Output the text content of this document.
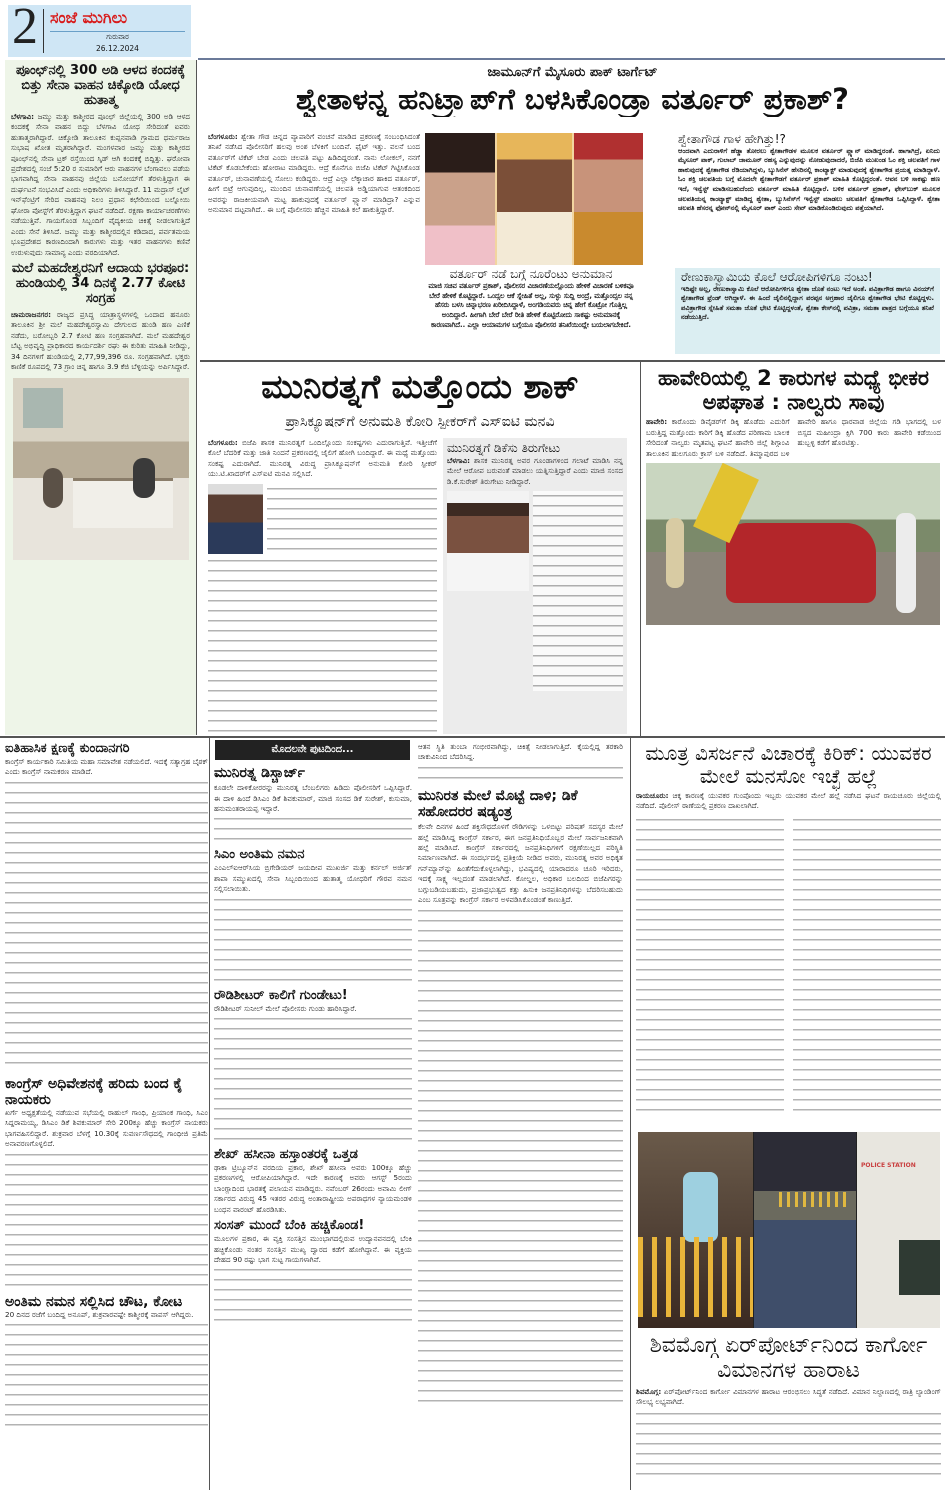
2 ಸಂಜೆ ಮುಗಿಲು
ಗುರುವಾರ
26.12.2024
ಪೂಂಛ್‌ನಲ್ಲಿ 300 ಅಡಿ ಆಳದ ಕಂದಕಕ್ಕೆ ಬಿತ್ತು ಸೇನಾ ವಾಹನ ಚಿಕ್ಕೋಡಿ ಯೋಧ ಹುತಾತ್ಮ
ಬೆಳಗಾವಿ: ಜಮ್ಮು ಮತ್ತು ಕಾಶ್ಮೀರದ ಪೂಂಛ್ ಜಿಲ್ಲೆಯಲ್ಲಿ 300 ಅಡಿ ಆಳದ ಕಂದಕಕ್ಕೆ ಸೇನಾ ವಾಹನ ಬಿದ್ದು ಬೆಳಗಾವಿ ಯೋಧ ಸೇರಿದಂತೆ ಐವರು ಹುತಾತ್ಮರಾಗಿದ್ದಾರೆ. ಚಿಕ್ಕೋಡಿ ತಾಲೂಕಿನ ಕುಪ್ಪನವಾಡಿ ಗ್ರಾಮದ ಧರ್ಮರಾಜ ಸುಭಾಷ ಖೋತ ಮೃತರಾಗಿದ್ದಾರೆ. ಮಂಗಳವಾರ ಜಮ್ಮು ಮತ್ತು ಕಾಶ್ಮೀರದ ಪೂಂಛ್‌ನಲ್ಲಿ ಸೇನಾ ಟ್ರಕ್ ರಸ್ತೆಯಿಂದ ಸ್ಕಿಡ್ ಆಗಿ ಕಂದಕಕ್ಕೆ ಬಿದ್ದಿತ್ತು. ಘರೋವಾ ಪ್ರದೇಶದಲ್ಲಿ ಸಂಜೆ 5:20 ರ ಸುಮಾರಿಗೆ ಆರು ವಾಹನಗಳ ಬೆಂಗಾವಲು ಪಡೆಯ ಭಾಗವಾಗಿದ್ದ ಸೇನಾ ವಾಹನವು ಜಿಲ್ಲೆಯ ಬನೋಯ್‌ಗೆ ತೆರಳುತ್ತಿದ್ದಾಗ ಈ ದುರ್ಘಟನೆ ಸಂಭವಿಸಿದೆ ಎಂದು ಅಧಿಕಾರಿಗಳು ತಿಳಿಸಿದ್ದಾರೆ. 11 ಮದ್ರಾಸ್ ಲೈಟ್ ಇನ್‌ಫೆಂಟ್ರಿಗೆ ಸೇರಿದ ವಾಹನವು ನಿಲಂ ಪ್ರಧಾನ ಕಛೇರಿಯಿಂದ ಬಲ್ನೋಯಿ ಘೋರಾ ಪೋಸ್ಟ್‌ಗೆ ತೆರಳುತ್ತಿದ್ದಾಗ ಘಟನೆ ನಡೆದಿದೆ. ರಕ್ಷಣಾ ಕಾರ್ಯಾಚರಣೆಗಳು ನಡೆಯುತ್ತಿವೆ. ಗಾಯಗೊಂಡ ಸಿಬ್ಬಂದಿಗೆ ವೈದ್ಯಕೀಯ ಚಿಕಿತ್ಸೆ ನೀಡಲಾಗುತ್ತಿದೆ ಎಂದು ಸೇನೆ ತಿಳಿಸಿದೆ. ಜಮ್ಮು ಮತ್ತು ಕಾಶ್ಮೀರದಲ್ಲಿನ ಕಡಿದಾದ, ಪರ್ವತಮಯ ಭೂಪ್ರದೇಶದ ಕಾರಣದಿಂದಾಗಿ ಕಾರುಗಳು ಮತ್ತು ಇತರ ವಾಹನಗಳು ಕಣಿವೆ ಉರುಳುವುದು ಸಾಮಾನ್ಯ ಎಂದು ವರದಿಯಾಗಿದೆ.
ಮಲೆ ಮಹದೇಶ್ವರನಿಗೆ ಆದಾಯ ಭರಪೂರ: ಹುಂಡಿಯಲ್ಲಿ 34 ದಿನಕ್ಕೆ 2.77 ಕೋಟಿ ಸಂಗ್ರಹ
ಚಾಮರಾಜನಗರ: ರಾಜ್ಯದ ಪ್ರಸಿದ್ಧ ಯಾತ್ರಾಸ್ಥಳಗಳಲ್ಲಿ ಒಂದಾದ ಹನೂರು ತಾಲೂಕಿನ ಶ್ರೀ ಮಲೆ ಮಹದೇಶ್ವರಸ್ವಾಮಿ ದೇಗುಲದ ಹುಂಡಿ ಹಣ ಎಣಿಕೆ ನಡೆದು, ಬರೋಬ್ಬರಿ 2.7 ಕೋಟಿ ಹಣ ಸಂಗ್ರಹವಾಗಿದೆ. ಮಲೆ ಮಹದೇಶ್ವರ ಬೆಟ್ಟ ಅಭಿವೃದ್ಧಿ ಪ್ರಾಧಿಕಾರದ ಕಾರ್ಯದರ್ಶಿ ರಘು ಈ ಕುರಿತು ಮಾಹಿತಿ ನೀಡಿದ್ದು, 34 ದಿನಗಳಿಗೆ ಹುಂಡಿಯಲ್ಲಿ 2,77,99,396 ರೂ. ಸಂಗ್ರಹವಾಗಿದೆ. ಭಕ್ತರು ಕಾಣಿಕೆ ರೂಪದಲ್ಲಿ 73 ಗ್ರಾಂ ಚಿನ್ನ ಹಾಗೂ 3.9 ಕೆಜಿ ಬೆಳ್ಳಿಯನ್ನು ಅರ್ಪಿಸಿದ್ದಾರೆ.
ಜಾಮೂನ್‌ಗೆ ಮೈಸೂರು ಪಾಕ್ ಟಾರ್ಗೆಟ್
ಶ್ವೇತಾಳನ್ನ ಹನಿಟ್ರ್ಯಾಪ್‌ಗೆ ಬಳಸಿಕೊಂಡ್ರಾ ವರ್ತೂರ್ ಪ್ರಕಾಶ್?
ಬೆಂಗಳೂರು: ಶ್ವೇತಾ ಗೌಡ ಚಿನ್ನದ ವ್ಯಾಪಾರಿಗೆ ವಂಚನೆ ಮಾಡಿದ ಪ್ರಕರಣಕ್ಕೆ ಸಂಬಂಧಿಸಿದಂತೆ ತನಿಖೆ ನಡೆಸಿದ ಪೊಲೀಸರಿಗೆ ಹಲವು ಅಂಶ ಬೆಳಕಿಗೆ ಬಂದಿವೆ. ಫೈಟ್ ಇತ್ತು. ವಲನೆ ಬಂದ ವರ್ತೂರ್‌ಗೆ ಟಿಕೆಟ್ ಬೇಡ ಎಂದು ಚಲಪತಿ ಪಟ್ಟು ಹಿಡಿದಿದ್ದರಂತೆ. ನಾನು ಲೋಕಲ್, ನನಗೆ ಟಿಕೆಟ್ ಕೊಡಬೇಕೆಂದು ಹೋರಾಟ ಮಾಡಿದ್ದರು. ಆದ್ರೆ ಕೊನೆಗೂ ಬಿಜೆಪಿ ಟಿಕೆಟ್ ಗಿಟ್ಟಿಸಿಕೊಂಡ ವರ್ತೂರ್, ಚುನಾವಣೆಯಲ್ಲಿ ಸೋಲು ಕಂಡಿದ್ದರು. ಆದ್ರೆ ಎಲ್ಲಾ ಲೆಕ್ಕಾಚಾರ ಹಾಕಿದ ವರ್ತೂರ್, ಹೀಗೆ ಬಿಟ್ರೆ ಆಗುವುದಿಲ್ಲ, ಮುಂದಿನ ಚುನಾವಣೆಯಲ್ಲಿ ಚಲಪತಿ ಅಡ್ಡಿಯಾಗುವ ಆತಂಕದಿಂದ ಅವರನ್ನು ರಾಜಕೀಯವಾಗಿ ಮಟ್ಟ ಹಾಕುವುದಕ್ಕೆ ವರ್ತೂರ್ ಪ್ಲ್ಯಾನ್ ಮಾಡಿದ್ರಾ? ಎನ್ನುವ ಅನುಮಾನ ದಟ್ಟವಾಗಿದೆ.. ಈ ಬಗ್ಗೆ ಪೊಲೀಸರು ಹೆಚ್ಚಿನ ಮಾಹಿತಿ ಕಲೆ ಹಾಕುತ್ತಿದ್ದಾರೆ.
ವರ್ತೂರ್ ನಡೆ ಬಗ್ಗೆ ನೂರೆಂಟು ಅನುಮಾನ
ಮಾಜಿ ಸಚಿವ ವರ್ತೂರ್ ಪ್ರಕಾಶ್, ಪೊಲೀಸರ ವಿಚಾರಣೆಯಲ್ಲೊಂದು ಹೇಳಿಕೆ ವಿಚಾರಣೆ ಬಳಿಕವೂ ಬೇರೆ ಹೇಳಿಕೆ ಕೊಟ್ಟಿದ್ದಾರೆ. ಒಂದ್ಸಲ ಆಕೆ ಸ್ನೇಹಿತೆ ಅಲ್ಲ, ಸುಳ್ಳು ಸುದ್ದಿ ಅಂದ್ರೆ, ಮತ್ತೊಂದ್ಸಲ ನನ್ನ ಹೆಸರು ಬಳಸಿ ಚಿನ್ನಾಭರಣ ಖರೀದಿಸಿದ್ದಾಳೆ, ಅಂಗಡಿಯವರು ಚಿನ್ನ ಹೇಗೆ ಕೊಟ್ರೋ ಗೊತ್ತಿಲ್ಲ ಅಂದಿದ್ದಾರೆ. ಹೀಗಾಗಿ ಬೇರೆ ಬೇರೆ ರೀತಿ ಹೇಳಿಕೆ ಕೊಟ್ಟಿರೋದು ಸಾಕಷ್ಟು ಅನುಮಾನಕ್ಕೆ ಕಾರಣವಾಗಿದೆ.. ಎಲ್ಲಾ ಆಯಾಮಗಳ ಬಗ್ಗೆಯೂ ಪೊಲೀಸರ ತನಿಖೆಯಿಂದ್ಲೇ ಬಯಲಾಗಬೇಕಿದೆ.
ಶ್ವೇತಾಗೌಡ ಗಾಳ ಹೇಗಿತ್ತು!?
ಆಂದವಾಗಿ ಎದುರಾಳಿಗೆ ಹೆಡ್ಡಾ ತೋರಲು ಶ್ವೇತಾಗೌಡಳ ಮೂಲಕ ವರ್ತೂರ್ ಪ್ಲ್ಯಾನ್ ಮಾಡಿದ್ದರಂತೆ. ಹಾಗಾಗಿದ್ರೆ, ಏನಿದು ಮೈಸೂರ್ ಪಾಕ್, ಗುಲಾಬ್ ಜಾಮೂನ್ ರಹಸ್ಯ ಎನ್ನುವುದನ್ನು ನೋಡುವುದಾದರೆ, ಬಿಜೆಪಿ ಮುಖಂಡ ಓಂ ಶಕ್ತಿ ಚಲಪತಿಗೆ ಗಾಳ ಹಾಕುವುದಕ್ಕೆ ಶ್ವೇತಾಗೌಡ ರೆಡಿಯಾಗಿದ್ದಳು, ಬ್ಯುಸಿನೆಸ್ ಹೆಸರಿನಲ್ಲಿ ಕಾಂಟ್ಯಾಕ್ಟ್ ಮಾಡುವುದಕ್ಕೆ ಶ್ವೇತಾಗೌಡ ಪ್ರಯತ್ನ ಮಾಡಿದ್ದಾಳೆ. ಓಂ ಶಕ್ತಿ ಚಲಪತಿಯ ಬಗ್ಗೆ ಮೊದಲೇ ಶ್ವೇತಾಗೌಡಗೆ ವರ್ತೂರ್ ಪ್ರಕಾಶ್ ಮಾಹಿತಿ ಕೊಟ್ಟಿದ್ದರಂತೆ. ಆವನ ಬಳಿ ಸಾಕಷ್ಟು ಹಣ ಇದೆ, ಇನ್ವೆಸ್ಟ್ ಮಾಡಿಸಬಹುದೆಂದು ವರ್ತೂರ್ ಮಾಹಿತಿ ಕೊಟ್ಟಿದ್ದಾರೆ. ಬಳಿಕ ವರ್ತೂರ್ ಪ್ರಕಾಶ್, ಫೇಸ್‌ಬುಕ್ ಮೂಲಕ ಚಲಪತಿಯನ್ನ ಕಾಂಟ್ಯಾಕ್ಟ್ ಮಾಡಿದ್ದ ಶ್ವೇತಾ, ಬ್ಯುಸಿನೆಸ್‌ಗೆ ಇನ್ವೆಸ್ಟ್ ಮಾಡಲು ಚಲಪತಿಗೆ ಶ್ವೇತಾಗೌಡ ಒಪ್ಪಿಸಿದ್ದಾಳೆ. ಶ್ವೇತಾ ಚಲಪತಿ ಹೆಸರನ್ನ ಫೋನ್‌ನಲ್ಲಿ ಮೈಸೂರ್ ಪಾಕ್ ಎಂದು ಸೇವ್ ಮಾಡಿಕೊಂಡಿರುವುದು ಪತ್ತೆಯಾಗಿದೆ.
ರೇಣುಕಾಸ್ವಾಮಿಯ ಕೊಲೆ ಆರೋಪಿಗಳಿಗೂ ನಂಟು!
ಇದಿಷ್ಟೇ ಅಲ್ಲ, ರೇಣುಕಾಸ್ವಾಮಿ ಕೊಲೆ ಆರೋಪಿಗಳಿಗೂ ಶ್ವೇತಾ ಜೊತೆ ನಂಟು ಇದೆ ಅಂತೆ. ಪವಿತ್ರಾಗೌಡ ಹಾಗೂ ವಿನಯ್‌ಗೆ ಶ್ವೇತಾಗೌಡ ಫ್ರೆಂಡ್ ಆಗಿದ್ದಾಳೆ. ಈ ಹಿಂದೆ ಜೈಲಿನಲ್ಲಿದ್ದಾಗ ಪರಪ್ಪನ ಅಗ್ರಹಾರ ಜೈಲಿಗೂ ಶ್ವೇತಾಗೌಡ ಭೇಟಿ ಕೊಟ್ಟಿದ್ದಳು. ಪವಿತ್ರಾಗೌಡ ಸ್ನೇಹಿತೆ ಸಮತಾ ಜೊತೆ ಭೇಟಿ ಕೊಟ್ಟಿದ್ದಳಂತೆ, ಶ್ವೇತಾ ಕೇಸ್‌ನಲ್ಲಿ ಪವಿತ್ರಾ, ಸಮತಾ ಪಾತ್ರದ ಬಗ್ಗೆಯೂ ತನಿಖೆ ನಡೆಯುತ್ತಿದೆ.
ಮುನಿರತ್ನಗೆ ಮತ್ತೊಂದು ಶಾಕ್
ಪ್ರಾಸಿಕ್ಯೂಷನ್‌ಗೆ ಅನುಮತಿ ಕೋರಿ ಸ್ಪೀಕರ್‌ಗೆ ಎಸ್‌ಐಟಿ ಮನವಿ
ಬೆಂಗಳೂರು: ಬಿಜೆಪಿ ಶಾಸಕ ಮುನಿರತ್ನಗೆ ಒಂದಿಲ್ಲೊಂದು ಸಂಕಷ್ಟಗಳು ಎದುರಾಗುತ್ತಿವೆ. ಇತ್ತೀಚೆಗೆ ಕೊಲೆ ಬೆದರಿಕೆ ಮತ್ತು ಜಾತಿ ನಿಂದನೆ ಪ್ರಕರಣದಲ್ಲಿ ಜೈಲಿಗೆ ಹೋಗಿ ಬಂದಿದ್ದಾರೆ. ಈ ಮಧ್ಯೆ ಮತ್ತೊಂದು ಸಂಕಷ್ಟ ಎದುರಾಗಿದೆ. ಮುನಿರತ್ನ ವಿರುದ್ಧ ಪ್ರಾಸಿಕ್ಯೂಷನ್‌ಗೆ ಅನುಮತಿ ಕೋರಿ ಸ್ಪೀಕರ್ ಯು.ಟಿ.ಖಾದರ್‌ಗೆ ಎಸ್‌ಐಟಿ ಮನವಿ ಸಲ್ಲಿಸಿದೆ.
ಮುನಿರತ್ನಗೆ ಡಿಕೆಸು ತಿರುಗೇಟು
ಬೆಳಗಾವಿ: ಶಾಸಕ ಮುನಿರತ್ನ ಅವರ ಗೂಂಡಾಗಳಿಂದ ಗಲಾಟೆ ಮಾಡಿಸಿ ನನ್ನ ಮೇಲೆ ಆರೋಪ ಬರುವಂತೆ ಮಾಡಲು ಯತ್ನಿಸುತ್ತಿದ್ದಾರೆ ಎಂದು ಮಾಜಿ ಸಂಸದ ಡಿ.ಕೆ.ಸುರೇಶ್ ತಿರುಗೇಟು ನೀಡಿದ್ದಾರೆ.
ಹಾವೇರಿಯಲ್ಲಿ 2 ಕಾರುಗಳ ಮಧ್ಯೆ ಭೀಕರ ಅಪಘಾತ : ನಾಲ್ವರು ಸಾವು
ಹಾವೇರಿ: ಕಾರೊಂದು ಡಿವೈಡರ್‌ಗೆ ಡಿಕ್ಕಿ ಹೊಡೆದು ಎದುರಿಗೆ ಬರುತ್ತಿದ್ದ ಮತ್ತೊಂದು ಕಾರಿಗೆ ಡಿಕ್ಕಿ ಹೊಡೆದ ಪರಿಣಾಮ ಬಾಲಕ ಸೇರಿದಂತೆ ನಾಲ್ವರು ಮೃತಪಟ್ಟ ಘಟನೆ ಹಾವೇರಿ ಜಿಲ್ಲೆ ಶಿಗ್ಗಾಂವಿ ತಾಲೂಕಿನ ಹುಲಗೂರು ಕ್ರಾಸ್ ಬಳಿ ನಡೆದಿದೆ. ತಿಮ್ಮಾಪುರದ ಬಳಿ ಹಾವೇರಿ ಹಾಗೂ ಧಾರವಾಡ ಜಿಲ್ಲೆಯ ಗಡಿ ಭಾಗದಲ್ಲಿ ಬಳ ಬಿಸ್ಸದ ಮಹೀಂದ್ರಾ ಕ್ಸಿಗಿ 700 ಕಾರು ಹಾವೇರಿ ಕಡೆಯಿಂದ ಹುಬ್ಬಳ್ಳಿ ಕಡೆಗೆ ಹೊರಟಿತ್ತು.
ಐತಿಹಾಸಿಕ ಕ್ಷಣಕ್ಕೆ ಕುಂದಾನಗರಿ
ಕಾಂಗ್ರೆಸ್ ಕಾರ್ಯಕಾರಿ ಸಮಿತಿಯ ಮಹಾ ಸಮಾವೇಶ ನಡೆಯಲಿದೆ. ಇದಕ್ಕೆ ಸತ್ಯಾಗ್ರಹ ಬೈಠಕ್ ಎಂದು ಕಾಂಗ್ರೆಸ್ ನಾಮಕರಣ ಮಾಡಿದೆ.
ಕಾಂಗ್ರೆಸ್ ಅಧಿವೇಶನಕ್ಕೆ ಹರಿದು ಬಂದ ಕೈ ನಾಯಕರು
ಖರ್ಗೆ ಅಧ್ಯಕ್ಷತೆಯಲ್ಲಿ ನಡೆಯುವ ಸಭೆಯಲ್ಲಿ ರಾಹುಲ್ ಗಾಂಧಿ, ಪ್ರಿಯಾಂಕ ಗಾಂಧಿ, ಸಿಎಂ ಸಿದ್ದರಾಮಯ್ಯ, ಡಿಸಿಎಂ ಡಿಕೆ ಶಿವಕುಮಾರ್ ಸೇರಿ 200ಕ್ಕೂ ಹೆಚ್ಚು ಕಾಂಗ್ರೆಸ್ ನಾಯಕರು ಭಾಗವಹಿಸಲಿದ್ದಾರೆ. ಶುಕ್ರವಾರ ಬೆಳಗ್ಗೆ 10.30ಕ್ಕೆ ಸುವರ್ಣಸೌಧದಲ್ಲಿ ಗಾಂಧೀಜಿ ಪ್ರತಿಮೆ ಅನಾವರಣಗೊಳ್ಳಲಿದೆ.
ಅಂತಿಮ ನಮನ ಸಲ್ಲಿಸಿದ ಚೌಟ, ಕೋಟ
20 ದಿನದ ರಜೆಗೆ ಬಂದಿದ್ದ ಅನೂಪ್, ಶುಕ್ರವಾರವಷ್ಟೇ ಕಾಶ್ಮೀರಕ್ಕೆ ವಾಪಸ್ ಆಗಿದ್ದರು.
ಮೊದಲನೇ ಪುಟದಿಂದ...
ಮುನಿರತ್ನ ಡಿಸ್ಚಾರ್ಜ್
ಕೂಡಲೇ ದಾಳಿಕೋರರನ್ನು ಮುನಿರತ್ನ ಬೆಂಬಲಿಗರು ಹಿಡಿದು ಪೊಲೀಸರಿಗೆ ಒಪ್ಪಿಸಿದ್ದಾರೆ. ಈ ದಾಳಿ ಹಿಂದೆ ಡಿಸಿಎಂ ಡಿಕೆ ಶಿವಕುಮಾರ್, ಮಾಜಿ ಸಂಸದ ಡಿಕೆ ಸುರೇಶ್, ಕುಸುಮಾ, ಹನುಮಂತರಾಯಪ್ಪ ಇದ್ದಾರೆ.
ಸಿಎಂ ಅಂತಿಮ ನಮನ
ಎಂಎಲ್‌ಐಆರ್‌ಸಿಯ ಬ್ರಿಗೇಡಿಯರ್ ಜಯದೀಪ ಮುಖರ್ಜಿ ಮತ್ತು ಕರ್ನಲ್ ಅರ್ಜಿತ್ ಶಾಪಾ ಸಮ್ಮುಖದಲ್ಲಿ ಸೇನಾ ಸಿಬ್ಬಂದಿಯಿಂದ ಹುತಾತ್ಮ ಯೋಧರಿಗೆ ಗೌರವ ನಮನ ಸಲ್ಲಿಸಲಾಯಿತು.
ರೌಡಿಶೀಟರ್ ಕಾಲಿಗೆ ಗುಂಡೇಟು!
ರೌಡಿಶೀಟರ್ ಸುನೀಲ್ ಮೇಲೆ ಪೊಲೀಸರು ಗುಂಡು ಹಾರಿಸಿದ್ದಾರೆ.
ಶೇಖ್ ಹಸೀನಾ ಹಸ್ತಾಂತರಕ್ಕೆ ಒತ್ತಡ
ಢಾಕಾ ಟ್ರಿಬ್ಯೂನ್‌ನ ವರದಿಯ ಪ್ರಕಾರ, ಶೇಖ್ ಹಸೀನಾ ಅವರು 100ಕ್ಕೂ ಹೆಚ್ಚು ಪ್ರಕರಣಗಳಲ್ಲಿ ಆರೋಪಿಯಾಗಿದ್ದಾರೆ. ಇದೇ ಕಾರಣಕ್ಕೆ ಅವರು ಆಗಸ್ಟ್ 5ರಂದು ಬಾಂಗ್ಲಾದಿಂದ ಭಾರತಕ್ಕೆ ಪಲಾಯನ ಮಾಡಿದ್ದರು. ನವೆಂಬರ್ 26ರಂದು ಅವಾಮಿ ಲೀಗ್ ಸರ್ಕಾರದ ವಿರುದ್ಧ 45 ಇತರರ ವಿರುದ್ಧ ಅಂತಾರಾಷ್ಟ್ರೀಯ ಅಪರಾಧಗಳ ನ್ಯಾಯಮಂಡಳಿ ಬಂಧನ ವಾರಂಟ್ ಹೊರಡಿಸಿತು.
ಸಂಸತ್ ಮುಂದೆ ಬೆಂಕಿ ಹಚ್ಚಿಕೊಂಡ!
ಮೂಲಗಳ ಪ್ರಕಾರ, ಈ ವ್ಯಕ್ತಿ ಸಂಸತ್ತಿನ ಮುಂಭಾಗದಲ್ಲಿರುವ ಉದ್ಯಾನವನದಲ್ಲಿ ಬೆಂಕಿ ಹಚ್ಚಿಕೊಂಡು ನಂತರ ಸಂಸತ್ತಿನ ಮುಖ್ಯ ದ್ವಾರದ ಕಡೆಗೆ ಹೋಗಿದ್ದಾನೆ. ಈ ವ್ಯಕ್ತಿಯ ದೇಹದ 90 ರಷ್ಟು ಭಾಗ ಸುಟ್ಟ ಗಾಯಗಳಾಗಿವೆ.
ಆತನ ಸ್ಥಿತಿ ತುಂಬಾ ಗಂಭೀರವಾಗಿದ್ದು, ಚಿಕಿತ್ಸೆ ನೀಡಲಾಗುತ್ತಿದೆ. ಕೈಯಲ್ಲಿದ್ದ ತರಕಾರಿ ಚಾಕುವಿನಿಂದ ಬೆದರಿಸಿದ್ದ.
ಮುನಿರತ ಮೇಲೆ ಮೊಟ್ಟೆ ದಾಳಿ; ಡಿಕೆ ಸಹೋದರರ ಷಡ್ಯಂತ್ರ
ಕೆಲವೇ ದಿನಗಳ ಹಿಂದೆ ಶಕ್ತಿಸೌಧದೊಳಗೆ ರೌಡಿಗಳನ್ನು ಒಳಬಿಟ್ಟು ಪರಿಷತ್ ಸದಸ್ಯರ ಮೇಲೆ ಹಲ್ಲೆ ಮಾಡಿಸಿದ್ದ ಕಾಂಗ್ರೆಸ್ ಸರ್ಕಾರ, ಈಗ ಜನಪ್ರತಿನಿಧಿಯೊಬ್ಬರ ಮೇಲೆ ಸಾರ್ವಜನಿಕವಾಗಿ ಹಲ್ಲೆ ಮಾಡಿಸಿದೆ. ಕಾಂಗ್ರೆಸ್ ಸರ್ಕಾರದಲ್ಲಿ ಜನಪ್ರತಿನಿಧಿಗಳಿಗೆ ರಕ್ಷಣೆಯಿಲ್ಲದ ಪರಿಸ್ಥಿತಿ ನಿರ್ಮಾಣವಾಗಿದೆ. ಈ ಸಂದರ್ಭದಲ್ಲಿ ಪ್ರತಿಕ್ರಿಯೆ ನೀಡಿದ ಅವರು, ಮುನಿರತ್ನ ಅವರ ಅಧಿಕೃತ ಗನ್‌ಮ್ಯಾನ್‌ನ್ನು ಹಿಂತೆಗೆದುಕೊಳ್ಳಲಾಗಿದ್ದು, ಭವಿಷ್ಯದಲ್ಲಿ ಯಾರಾದರೂ ಚೂರಿ ಇರಿದರು, ಇದಕ್ಕೆ ಸಾಕ್ಷ್ಯ ಇಲ್ಲದಂತೆ ಮಾಡಲಾಗಿದೆ. ಕೋಲ್ಡಲ, ಅಧಿಕಾರ ಬಲದಿಂದ ಬಿಜೆಪಿಗರನ್ನು ಬಗ್ಗುಬಡಿಯಬಹುದು, ಪ್ರಜಾಪ್ರಭುತ್ವದ ಕತ್ತು ಹಿಸುಕಿ ಜನಪ್ರತಿನಿಧಿಗಳನ್ನು ಬೆದರಿಸಬಹುದು ಎಂಬ ಸೂತ್ರವನ್ನು ಕಾಂಗ್ರೆಸ್ ಸರ್ಕಾರ ಅಳವಡಿಸಿಕೊಂಡಂತೆ ಕಾಣುತ್ತಿದೆ.
ಮೂತ್ರ ವಿಸರ್ಜನೆ ವಿಚಾರಕ್ಕೆ ಕಿರಿಕ್: ಯುವಕರ ಮೇಲೆ ಮನಸೋ ಇಚ್ಛೆ ಹಲ್ಲೆ
ರಾಯಚೂರು: ಚಿಕ್ಕ ಕಾರಣಕ್ಕೆ ಯುವಕರ ಗುಂಪೊಂದು ಇಬ್ಬರು ಯುವಕರ ಮೇಲೆ ಹಲ್ಲೆ ನಡೆಸಿದ ಘಟನೆ ರಾಯಚೂರು ಜಿಲ್ಲೆಯಲ್ಲಿ ನಡೆದಿದೆ. ಪೊಲೀಸ್ ಠಾಣೆಯಲ್ಲಿ ಪ್ರಕರಣ ದಾಖಲಾಗಿದೆ.
POLICE STATION
ಶಿವಮೊಗ್ಗ ಏರ್‌ಪೋರ್ಟ್‌ನಿಂದ ಕಾರ್ಗೋ ವಿಮಾನಗಳ ಹಾರಾಟ
ಶಿವಮೊಗ್ಗ: ಏರ್‌ಪೋರ್ಟ್‌ನಿಂದ ಕಾರ್ಗೋ ವಿಮಾನಗಳ ಹಾರಾಟ ಆರಂಭಿಸಲು ಸಿದ್ಧತೆ ನಡೆದಿದೆ. ವಿಮಾನ ನಿಲ್ದಾಣದಲ್ಲಿ ರಾತ್ರಿ ಲ್ಯಾಂಡಿಂಗ್ ಸೌಲಭ್ಯ ಲಭ್ಯವಾಗಿದೆ.
